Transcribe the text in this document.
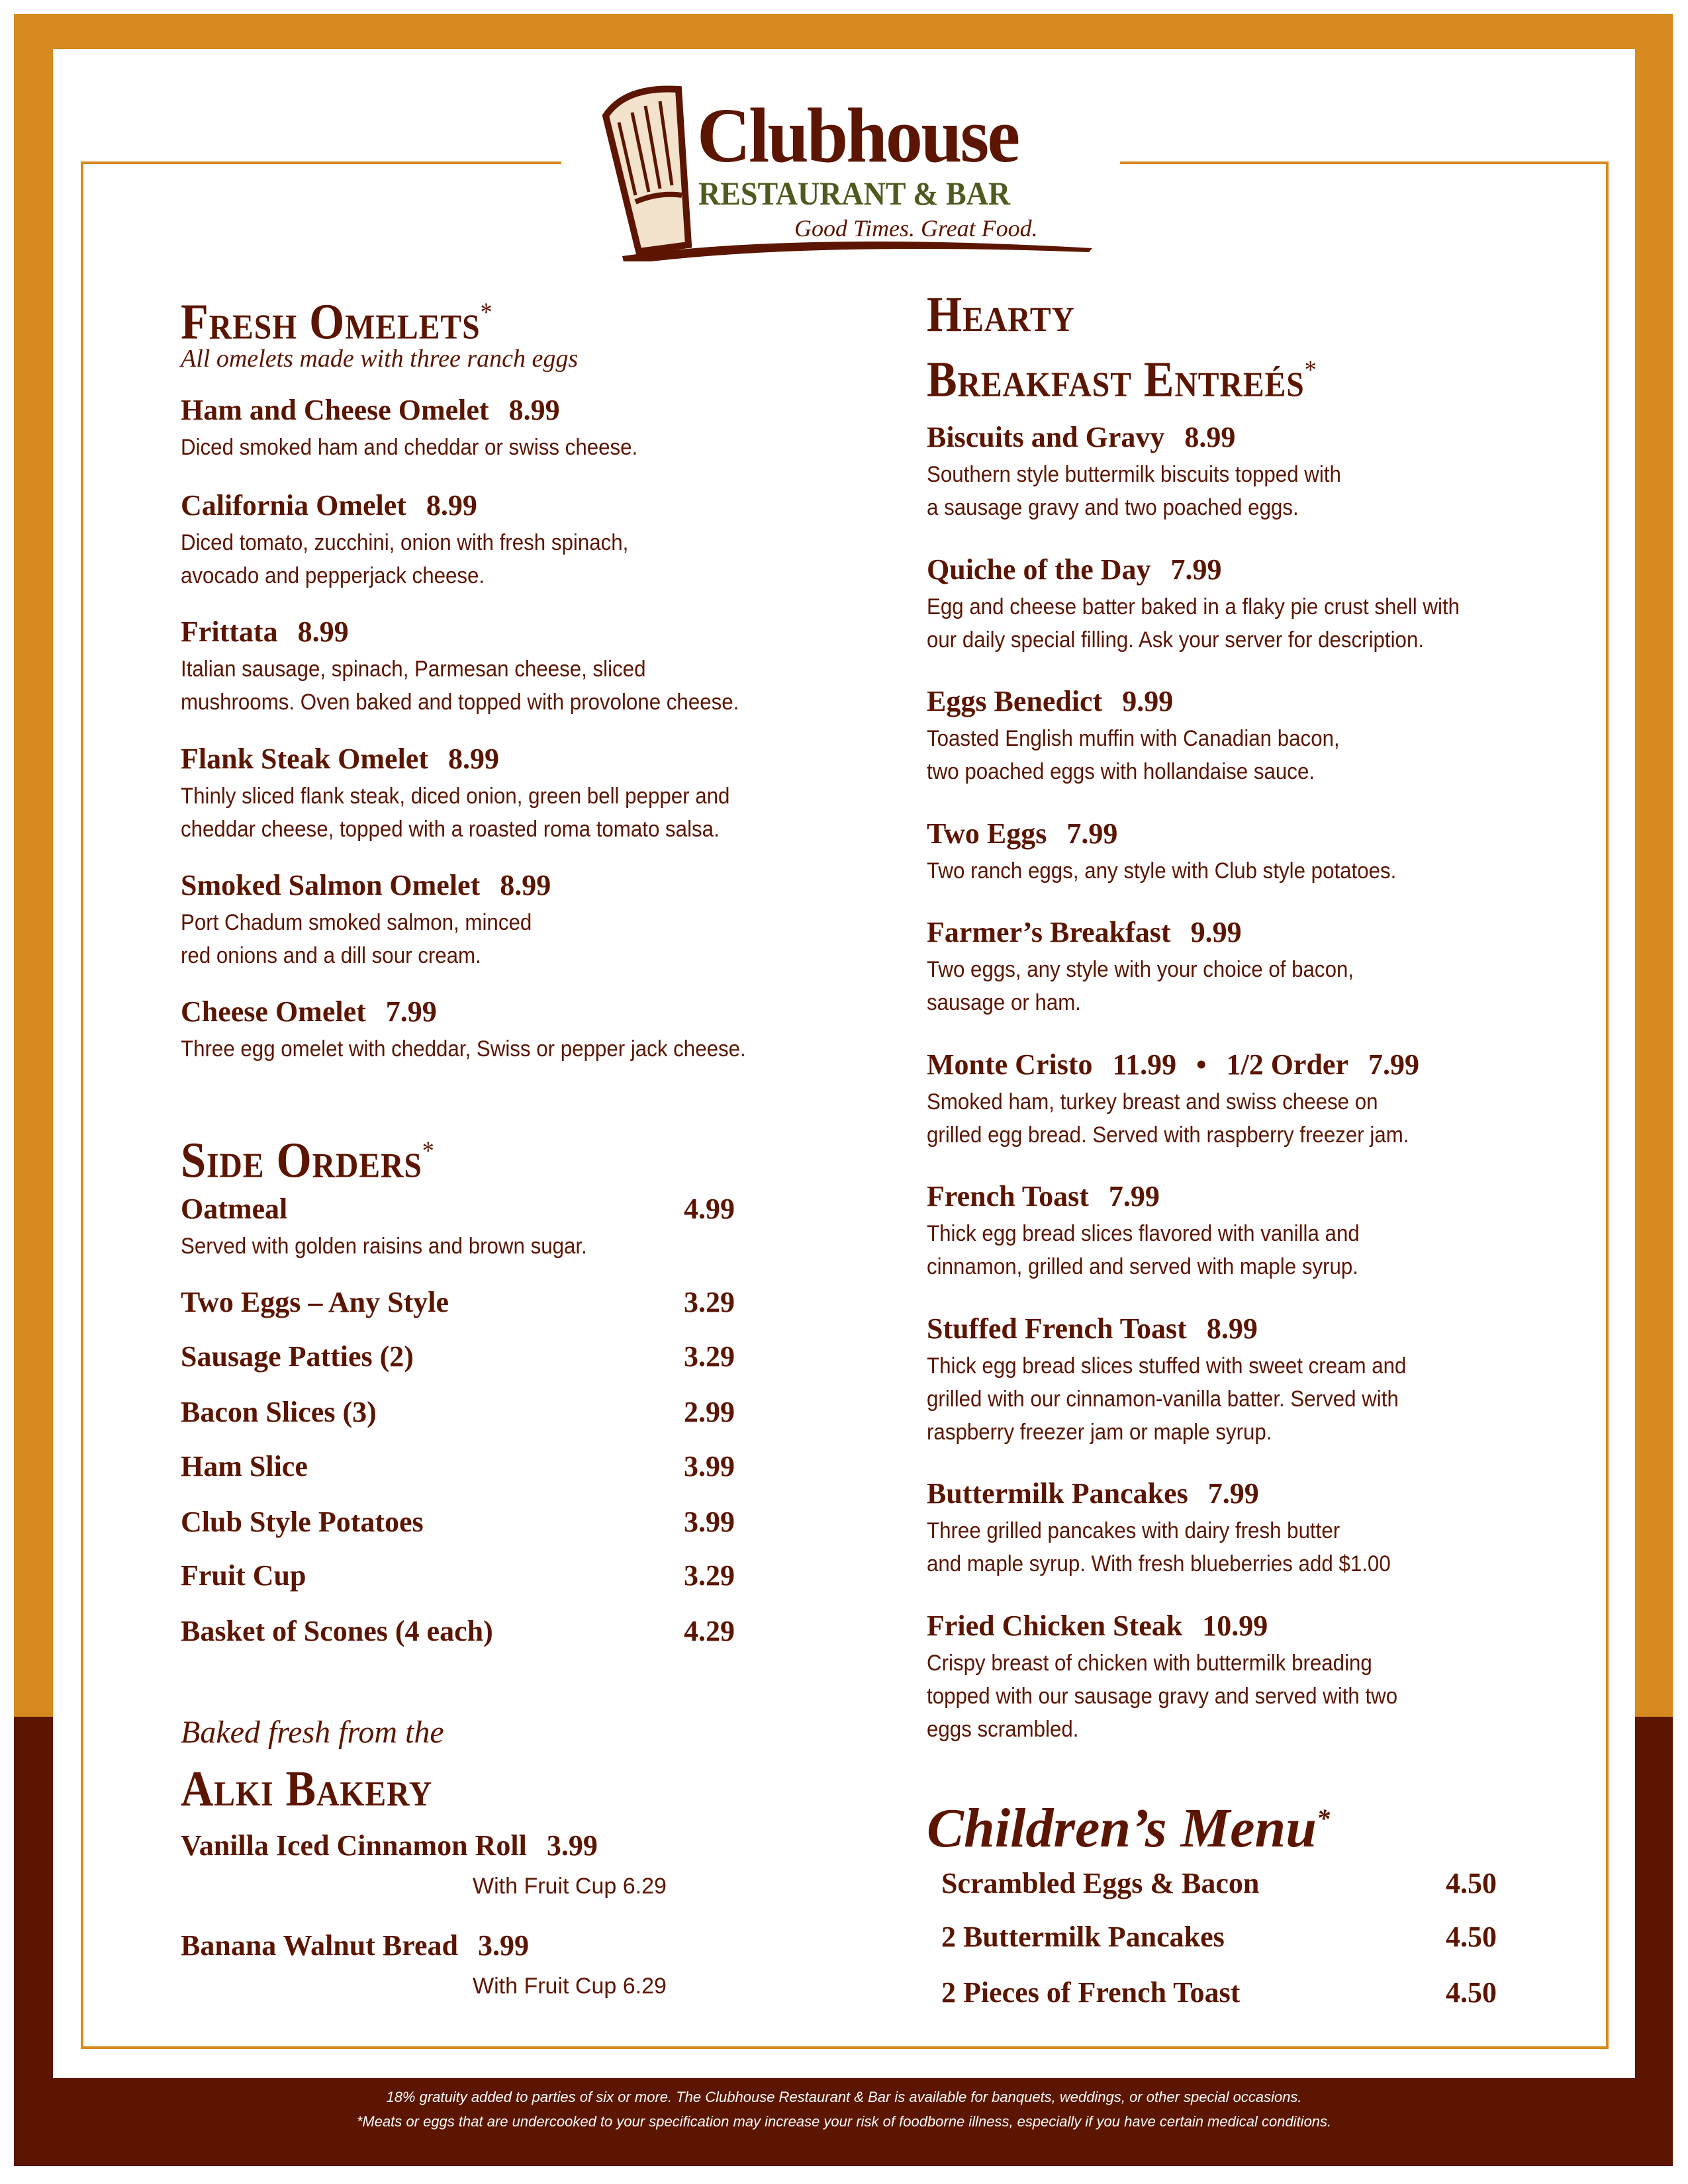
Clubhouse
RESTAURANT & BAR
Good Times. Great Food.
Fresh Omelets*
All omelets made with three ranch eggs
Ham and Cheese Omelet 8.99
Diced smoked ham and cheddar or swiss cheese.
California Omelet 8.99
Diced tomato, zucchini, onion with fresh spinach,
avocado and pepperjack cheese.
Frittata 8.99
Italian sausage, spinach, Parmesan cheese, sliced
mushrooms. Oven baked and topped with provolone cheese.
Flank Steak Omelet 8.99
Thinly sliced flank steak, diced onion, green bell pepper and
cheddar cheese, topped with a roasted roma tomato salsa.
Smoked Salmon Omelet 8.99
Port Chadum smoked salmon, minced
red onions and a dill sour cream.
Cheese Omelet 7.99
Three egg omelet with cheddar, Swiss or pepper jack cheese.
Side Orders*
Oatmeal	4.99
Served with golden raisins and brown sugar.
Two Eggs – Any Style	3.29
Sausage Patties (2)	3.29
Bacon Slices (3)	2.99
Ham Slice	3.99
Club Style Potatoes	3.99
Fruit Cup	3.29
Basket of Scones (4 each)	4.29
Baked fresh from the
Alki Bakery
Vanilla Iced Cinnamon Roll 3.99
With Fruit Cup 6.29
Banana Walnut Bread 3.99
With Fruit Cup 6.29
Hearty
Breakfast Entreés*
Biscuits and Gravy 8.99
Southern style buttermilk biscuits topped with
a sausage gravy and two poached eggs.
Quiche of the Day 7.99
Egg and cheese batter baked in a flaky pie crust shell with
our daily special filling. Ask your server for description.
Eggs Benedict 9.99
Toasted English muffin with Canadian bacon,
two poached eggs with hollandaise sauce.
Two Eggs 7.99
Two ranch eggs, any style with Club style potatoes.
Farmer’s Breakfast 9.99
Two eggs, any style with your choice of bacon,
sausage or ham.
Monte Cristo 11.99 • 1/2 Order 7.99
Smoked ham, turkey breast and swiss cheese on
grilled egg bread. Served with raspberry freezer jam.
French Toast 7.99
Thick egg bread slices flavored with vanilla and
cinnamon, grilled and served with maple syrup.
Stuffed French Toast 8.99
Thick egg bread slices stuffed with sweet cream and
grilled with our cinnamon-vanilla batter. Served with
raspberry freezer jam or maple syrup.
Buttermilk Pancakes 7.99
Three grilled pancakes with dairy fresh butter
and maple syrup. With fresh blueberries add $1.00
Fried Chicken Steak 10.99
Crispy breast of chicken with buttermilk breading
topped with our sausage gravy and served with two
eggs scrambled.
Children’s Menu*
Scrambled Eggs & Bacon	4.50
2 Buttermilk Pancakes	4.50
2 Pieces of French Toast	4.50
18% gratuity added to parties of six or more. The Clubhouse Restaurant & Bar is available for banquets, weddings, or other special occasions.
*Meats or eggs that are undercooked to your specification may increase your risk of foodborne illness, especially if you have certain medical conditions.
